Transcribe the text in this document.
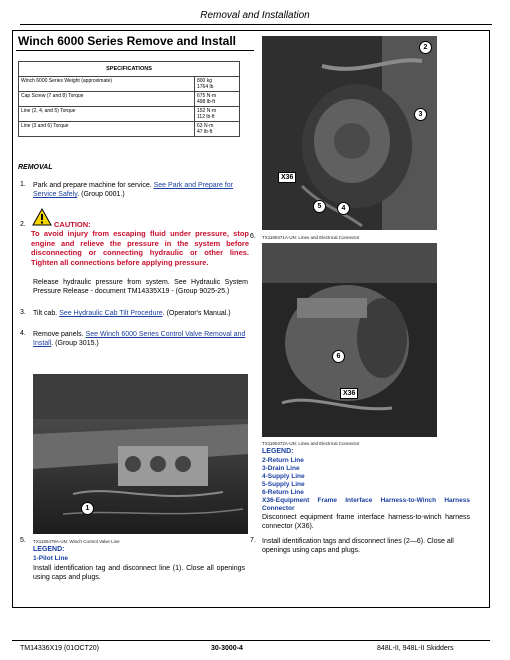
Removal and Installation
Winch 6000 Series Remove and Install
SPECIFICATIONS	
Winch 6000 Series Weight (approximate)	800 kg
1764 lb

Cap Screw (7 and 8) Torque	675 N·m
498 lb·ft

Line (2, 4, and 5) Torque	152 N·m
112 lb·ft

Line (3 and 6) Torque	63 N·m
47 lb·ft
REMOVAL
1. Park and prepare machine for service. See Park and Prepare for Service Safely. (Group 0001.)
2.	CAUTION:
To avoid injury from escaping fluid under pressure, stop engine and relieve the pressure in the system before disconnecting or connecting hydraulic or other lines. Tighten all connections before applying pressure.
Release hydraulic pressure from system. See Hydraulic System Pressure Release - document TM14335X19 - (Group 9025-25.)
3. Tilt cab. See Hydraulic Cab Tilt Procedure. (Operator's Manual.)
4. Remove panels. See Winch 6000 Series Control Valve Removal and Install. (Group 3015.)
1
5. TX1190479A-UN: Winch Control Valve Line
LEGEND:
1-Pilot Line
Install identification tag and disconnect line (1). Close all openings using caps and plugs.
2
3
X36
5	4
6. TX1190471A-UN: Lines and Electrical Connector
6
X36
TX1190472A-UN: Lines and Electrical Connector
LEGEND:
2-Return Line
3-Drain Line
4-Supply Line
5-Supply Line
6-Return Line
X36-Equipment Frame Interface Harness-to-Winch Harness Connector
Disconnect equipment frame interface harness-to-winch harness connector (X36).
7. Install identification tags and disconnect lines (2—6). Close all openings using caps and plugs.
TM14336X19 (01OCT20)	30-3000-4	848L-II, 948L-II Skidders
